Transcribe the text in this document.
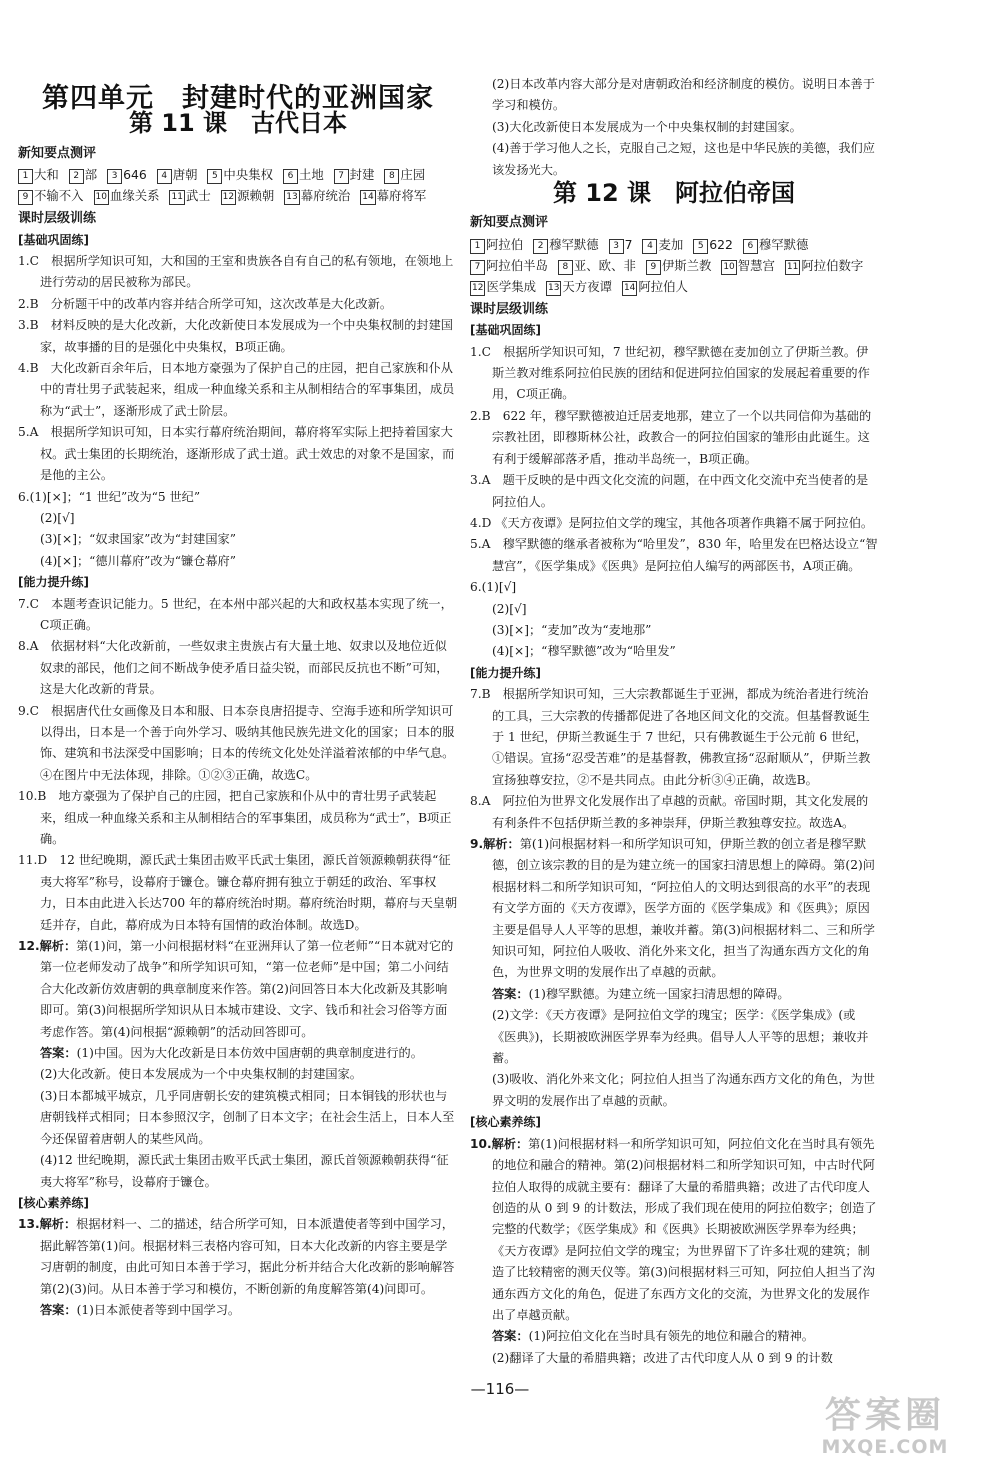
第四单元　封建时代的亚洲国家
第 11 课　古代日本
新知要点测评
1 大和 2 部 3 646 4 唐朝 5 中央集权 6 土地 7 封建 8 庄园 9 不输不入 10 血缘关系 11 武士 12 源赖朝 13 幕府统治 14 幕府将军
课时层级训练
[基础巩固练]

1.C　根据所学知识可知，大和国的王室和贵族各自有自己的私有领地，在领地上进行劳动的居民被称为部民。

2.B　分析题干中的改革内容并结合所学可知，这次改革是大化改新。

3.B　材料反映的是大化改新，大化改新使日本发展成为一个中央集权制的封建国家，故事播的目的是强化中央集权，B项正确。

4.B　大化改新百余年后，日本地方豪强为了保护自己的庄园，把自己家族和仆从中的青壮男子武装起来，组成一种血缘关系和主从制相结合的军事集团，成员称为“武士”，逐渐形成了武士阶层。

5.A　根据所学知识可知，日本实行幕府统治期间，幕府将军实际上把持着国家大权。武士集团的长期统治，逐渐形成了武士道。武士效忠的对象不是国家，而是他的主公。

6.(1)[×]；“1 世纪”改为“5 世纪”

(2)[√]

(3)[×]；“奴隶国家”改为“封建国家”

(4)[×]；“德川幕府”改为“镰仓幕府”

[能力提升练]

7.C　本题考查识记能力。5 世纪，在本州中部兴起的大和政权基本实现了统一，C项正确。

8.A　依据材料“大化改新前，一些奴隶主贵族占有大量土地、奴隶以及地位近似奴隶的部民，他们之间不断战争使矛盾日益尖锐，而部民反抗也不断”可知，这是大化改新的背景。

9.C　根据唐代仕女画像及日本和服、日本奈良唐招提寺、空海手迹和所学知识可以得出，日本是一个善于向外学习、吸纳其他民族先进文化的国家；日本的服饰、建筑和书法深受中国影响；日本的传统文化处处洋溢着浓郁的中华气息。④在图片中无法体现，排除。①②③正确，故选C。

10.B　地方豪强为了保护自己的庄园，把自己家族和仆从中的青壮男子武装起来，组成一种血缘关系和主从制相结合的军事集团，成员称为“武士”，B项正确。

11.D　12 世纪晚期，源氏武士集团击败平氏武士集团，源氏首领源赖朝获得“征夷大将军”称号，设幕府于镰仓。镰仓幕府拥有独立于朝廷的政治、军事权力，日本由此进入长达700 年的幕府统治时期。幕府统治时期，幕府与天皇朝廷并存，自此，幕府成为日本特有国情的政治体制。故选D。

12.解析：第(1)问，第一小问根据材料“在亚洲拜认了第一位老师”“日本就对它的第一位老师发动了战争”和所学知识可知，“第一位老师”是中国；第二小问结合大化改新仿效唐朝的典章制度来作答。第(2)问回答日本大化改新及其影响即可。第(3)问根据所学知识从日本城市建设、文字、钱币和社会习俗等方面考虑作答。第(4)问根据“源赖朝”的活动回答即可。

答案：(1)中国。因为大化改新是日本仿效中国唐朝的典章制度进行的。

(2)大化改新。使日本发展成为一个中央集权制的封建国家。

(3)日本都城平城京，几乎同唐朝长安的建筑模式相同；日本铜钱的形状也与唐朝钱样式相同；日本参照汉字，创制了日本文字；在社会生活上，日本人至今还保留着唐朝人的某些风尚。

(4)12 世纪晚期，源氏武士集团击败平氏武士集团，源氏首领源赖朝获得“征夷大将军”称号，设幕府于镰仓。

[核心素养练]

13.解析：根据材料一、二的描述，结合所学可知，日本派遣使者等到中国学习，据此解答第(1)问。根据材料三表格内容可知，日本大化改新的内容主要是学习唐朝的制度，由此可知日本善于学习，据此分析并结合大化改新的影响解答第(2)(3)问。从日本善于学习和模仿，不断创新的角度解答第(4)问即可。

答案：(1)日本派使者等到中国学习。

(2)日本改革内容大部分是对唐朝政治和经济制度的模仿。说明日本善于学习和模仿。

(3)大化改新使日本发展成为一个中央集权制的封建国家。

(4)善于学习他人之长，克服自己之短，这也是中华民族的美德，我们应该发扬光大。

第 12 课　阿拉伯帝国
新知要点测评
1 阿拉伯 2 穆罕默德 3 7 4 麦加 5 622 6 穆罕默德 7 阿拉伯半岛 8 亚、欧、非 9 伊斯兰教 10 智慧宫 11 阿拉伯数字 12 医学集成 13 天方夜谭 14 阿拉伯人
课时层级训练
[基础巩固练]

1.C　根据所学知识可知，7 世纪初，穆罕默德在麦加创立了伊斯兰教。伊斯兰教对维系阿拉伯民族的团结和促进阿拉伯国家的发展起着重要的作用，C项正确。

2.B　622 年，穆罕默德被迫迁居麦地那，建立了一个以共同信仰为基础的宗教社团，即穆斯林公社，政教合一的阿拉伯国家的雏形由此诞生。这有利于缓解部落矛盾，推动半岛统一，B项正确。

3.A　题干反映的是中西文化交流的问题，在中西文化交流中充当使者的是阿拉伯人。

4.D 《天方夜谭》是阿拉伯文学的瑰宝，其他各项著作典籍不属于阿拉伯。

5.A　穆罕默德的继承者被称为“哈里发”，830 年，哈里发在巴格达设立“智慧宫”，《医学集成》《医典》是阿拉伯人编写的两部医书，A项正确。

6.(1)[√]

(2)[√]

(3)[×]；“麦加”改为“麦地那”

(4)[×]；“穆罕默德”改为“哈里发”

[能力提升练]

7.B　根据所学知识可知，三大宗教都诞生于亚洲，都成为统治者进行统治的工具，三大宗教的传播都促进了各地区间文化的交流。但基督教诞生于 1 世纪，伊斯兰教诞生于 7 世纪，只有佛教诞生于公元前 6 世纪，①错误。宣扬“忍受苦难”的是基督教，佛教宣扬“忍耐顺从”，伊斯兰教宣扬独尊安拉，②不是共同点。由此分析③④正确，故选B。

8.A　阿拉伯为世界文化发展作出了卓越的贡献。帝国时期，其文化发展的有利条件不包括伊斯兰教的多神崇拜，伊斯兰教独尊安拉。故选A。

9.解析：第(1)问根据材料一和所学知识可知，伊斯兰教的创立者是穆罕默德，创立该宗教的目的是为建立统一的国家扫清思想上的障碍。第(2)问根据材料二和所学知识可知，“阿拉伯人的文明达到很高的水平”的表现有文学方面的《天方夜谭》，医学方面的《医学集成》和《医典》；原因主要是倡导人人平等的思想，兼收并蓄。第(3)问根据材料二、三和所学知识可知，阿拉伯人吸收、消化外来文化，担当了沟通东西方文化的角色，为世界文明的发展作出了卓越的贡献。

答案：(1)穆罕默德。为建立统一国家扫清思想的障碍。

(2)文学：《天方夜谭》是阿拉伯文学的瑰宝；医学：《医学集成》(或《医典》)，长期被欧洲医学界奉为经典。倡导人人平等的思想；兼收并蓄。

(3)吸收、消化外来文化；阿拉伯人担当了沟通东西方文化的角色，为世界文明的发展作出了卓越的贡献。

[核心素养练]

10.解析：第(1)问根据材料一和所学知识可知，阿拉伯文化在当时具有领先的地位和融合的精神。第(2)问根据材料二和所学知识可知，中古时代阿拉伯人取得的成就主要有：翻译了大量的希腊典籍；改进了古代印度人创造的从 0 到 9 的计数法，形成了我们现在使用的阿拉伯数字；创造了完整的代数学；《医学集成》和《医典》长期被欧洲医学界奉为经典；《天方夜谭》是阿拉伯文学的瑰宝；为世界留下了许多壮观的建筑；制造了比较精密的测天仪等。第(3)问根据材料三可知，阿拉伯人担当了沟通东西方文化的角色，促进了东西方文化的交流，为世界文化的发展作出了卓越贡献。

答案：(1)阿拉伯文化在当时具有领先的地位和融合的精神。

(2)翻译了大量的希腊典籍；改进了古代印度人从 0 到 9 的计数

—116—
答案圈
MXQE.COM
